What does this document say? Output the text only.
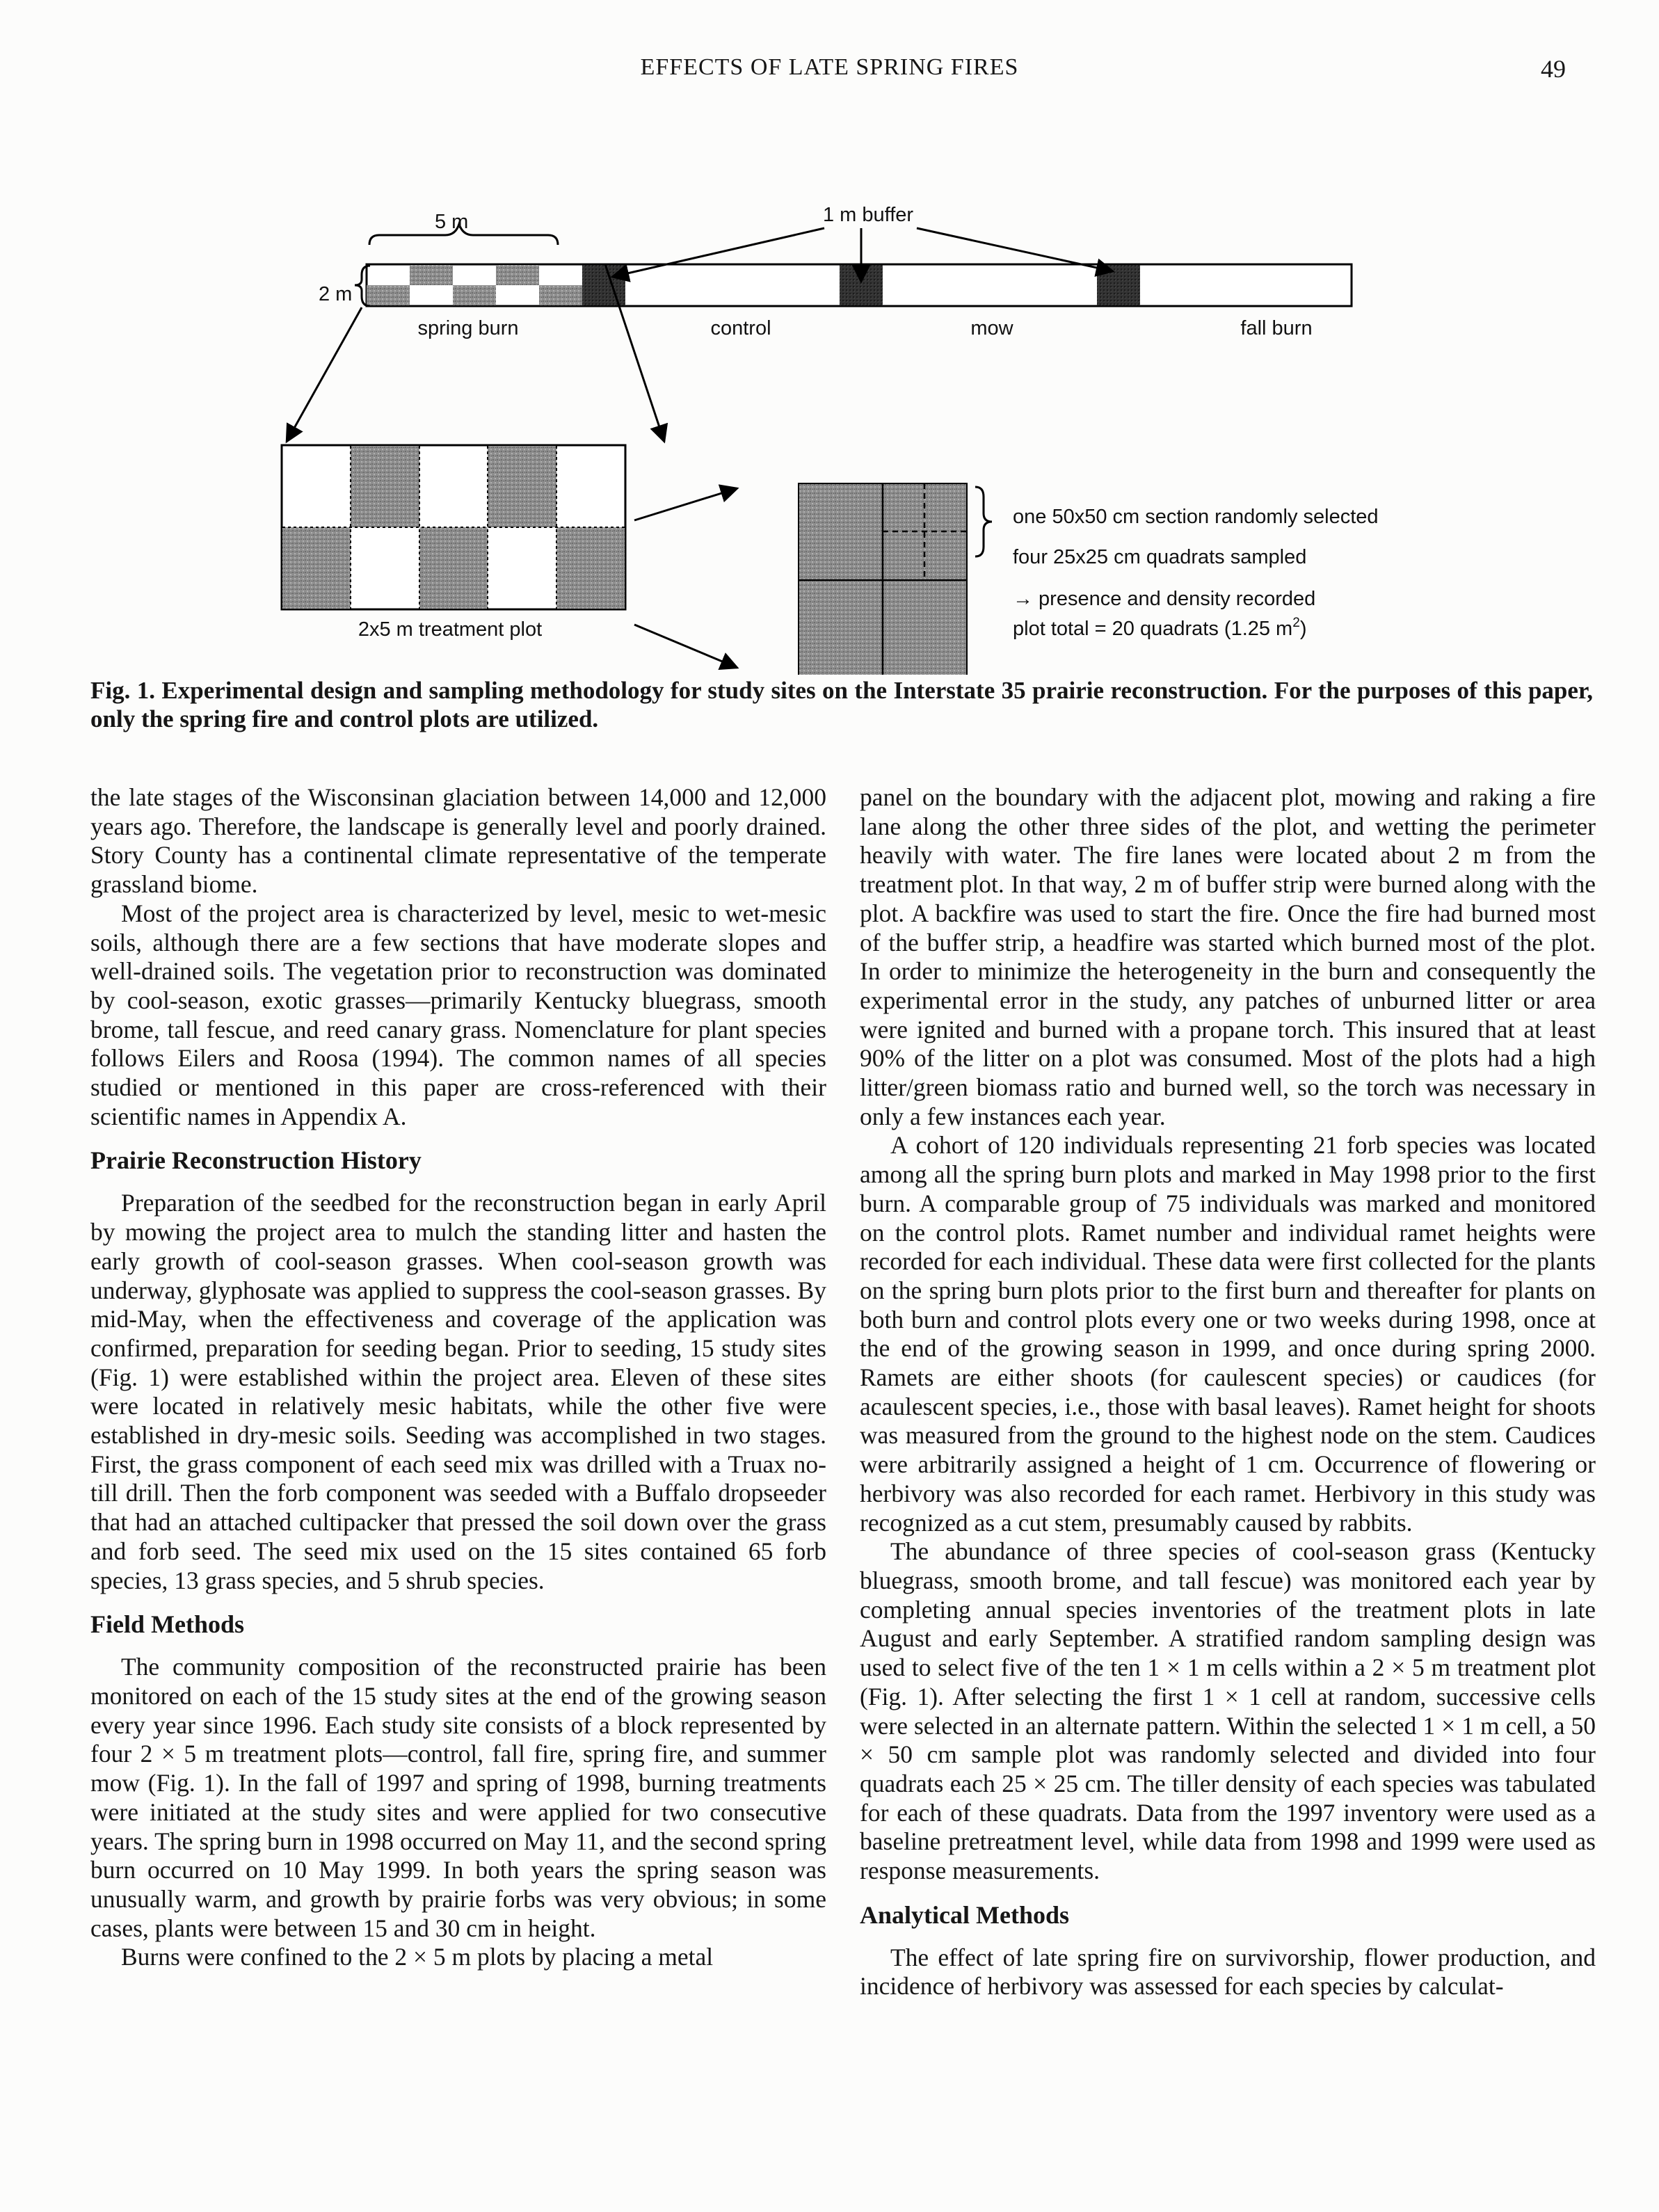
EFFECTS OF LATE SPRING FIRES	49
5 m
2 m
1 m buffer
spring burn	control	mow	fall burn
2x5 m treatment plot
one 50x50 cm section randomly selected
four 25x25 cm quadrats sampled
→ presence and density recorded
plot total = 20 quadrats (1.25 $m^2$)
Fig. 1. Experimental design and sampling methodology for study sites on the Interstate 35 prairie reconstruction. For the purposes of this paper, only the spring fire and control plots are utilized.

the late stages of the Wisconsinan glaciation between 14,000 and 12,000 years ago. Therefore, the landscape is generally level and poorly drained. Story County has a continental climate representative of the temperate grassland biome.

Most of the project area is characterized by level, mesic to wet-mesic soils, although there are a few sections that have moderate slopes and well-drained soils. The vegetation prior to reconstruction was dominated by cool-season, exotic grasses—primarily Kentucky bluegrass, smooth brome, tall fescue, and reed canary grass. Nomenclature for plant species follows Eilers and Roosa (1994). The common names of all species studied or mentioned in this paper are cross-referenced with their scientific names in Appendix A.

Prairie Reconstruction History

Preparation of the seedbed for the reconstruction began in early April by mowing the project area to mulch the standing litter and hasten the early growth of cool-season grasses. When cool-season growth was underway, glyphosate was applied to suppress the cool-season grasses. By mid-May, when the effectiveness and coverage of the application was confirmed, preparation for seeding began. Prior to seeding, 15 study sites (Fig. 1) were established within the project area. Eleven of these sites were located in relatively mesic habitats, while the other five were established in dry-mesic soils. Seeding was accomplished in two stages. First, the grass component of each seed mix was drilled with a Truax no-till drill. Then the forb component was seeded with a Buffalo dropseeder that had an attached cultipacker that pressed the soil down over the grass and forb seed. The seed mix used on the 15 sites contained 65 forb species, 13 grass species, and 5 shrub species.

Field Methods

The community composition of the reconstructed prairie has been monitored on each of the 15 study sites at the end of the growing season every year since 1996. Each study site consists of a block represented by four 2 × 5 m treatment plots—control, fall fire, spring fire, and summer mow (Fig. 1). In the fall of 1997 and spring of 1998, burning treatments were initiated at the study sites and were applied for two consecutive years. The spring burn in 1998 occurred on May 11, and the second spring burn occurred on 10 May 1999. In both years the spring season was unusually warm, and growth by prairie forbs was very obvious; in some cases, plants were between 15 and 30 cm in height.

Burns were confined to the 2 × 5 m plots by placing a metal

panel on the boundary with the adjacent plot, mowing and raking a fire lane along the other three sides of the plot, and wetting the perimeter heavily with water. The fire lanes were located about 2 m from the treatment plot. In that way, 2 m of buffer strip were burned along with the plot. A backfire was used to start the fire. Once the fire had burned most of the buffer strip, a headfire was started which burned most of the plot. In order to minimize the heterogeneity in the burn and consequently the experimental error in the study, any patches of unburned litter or area were ignited and burned with a propane torch. This insured that at least 90% of the litter on a plot was consumed. Most of the plots had a high litter/green biomass ratio and burned well, so the torch was necessary in only a few instances each year.

A cohort of 120 individuals representing 21 forb species was located among all the spring burn plots and marked in May 1998 prior to the first burn. A comparable group of 75 individuals was marked and monitored on the control plots. Ramet number and individual ramet heights were recorded for each individual. These data were first collected for the plants on the spring burn plots prior to the first burn and thereafter for plants on both burn and control plots every one or two weeks during 1998, once at the end of the growing season in 1999, and once during spring 2000. Ramets are either shoots (for caulescent species) or caudices (for acaulescent species, i.e., those with basal leaves). Ramet height for shoots was measured from the ground to the highest node on the stem. Caudices were arbitrarily assigned a height of 1 cm. Occurrence of flowering or herbivory was also recorded for each ramet. Herbivory in this study was recognized as a cut stem, presumably caused by rabbits.

The abundance of three species of cool-season grass (Kentucky bluegrass, smooth brome, and tall fescue) was monitored each year by completing annual species inventories of the treatment plots in late August and early September. A stratified random sampling design was used to select five of the ten 1 × 1 m cells within a 2 × 5 m treatment plot (Fig. 1). After selecting the first 1 × 1 cell at random, successive cells were selected in an alternate pattern. Within the selected 1 × 1 m cell, a 50 × 50 cm sample plot was randomly selected and divided into four quadrats each 25 × 25 cm. The tiller density of each species was tabulated for each of these quadrats. Data from the 1997 inventory were used as a baseline pretreatment level, while data from 1998 and 1999 were used as response measurements.

Analytical Methods

The effect of late spring fire on survivorship, flower production, and incidence of herbivory was assessed for each species by calculat-
